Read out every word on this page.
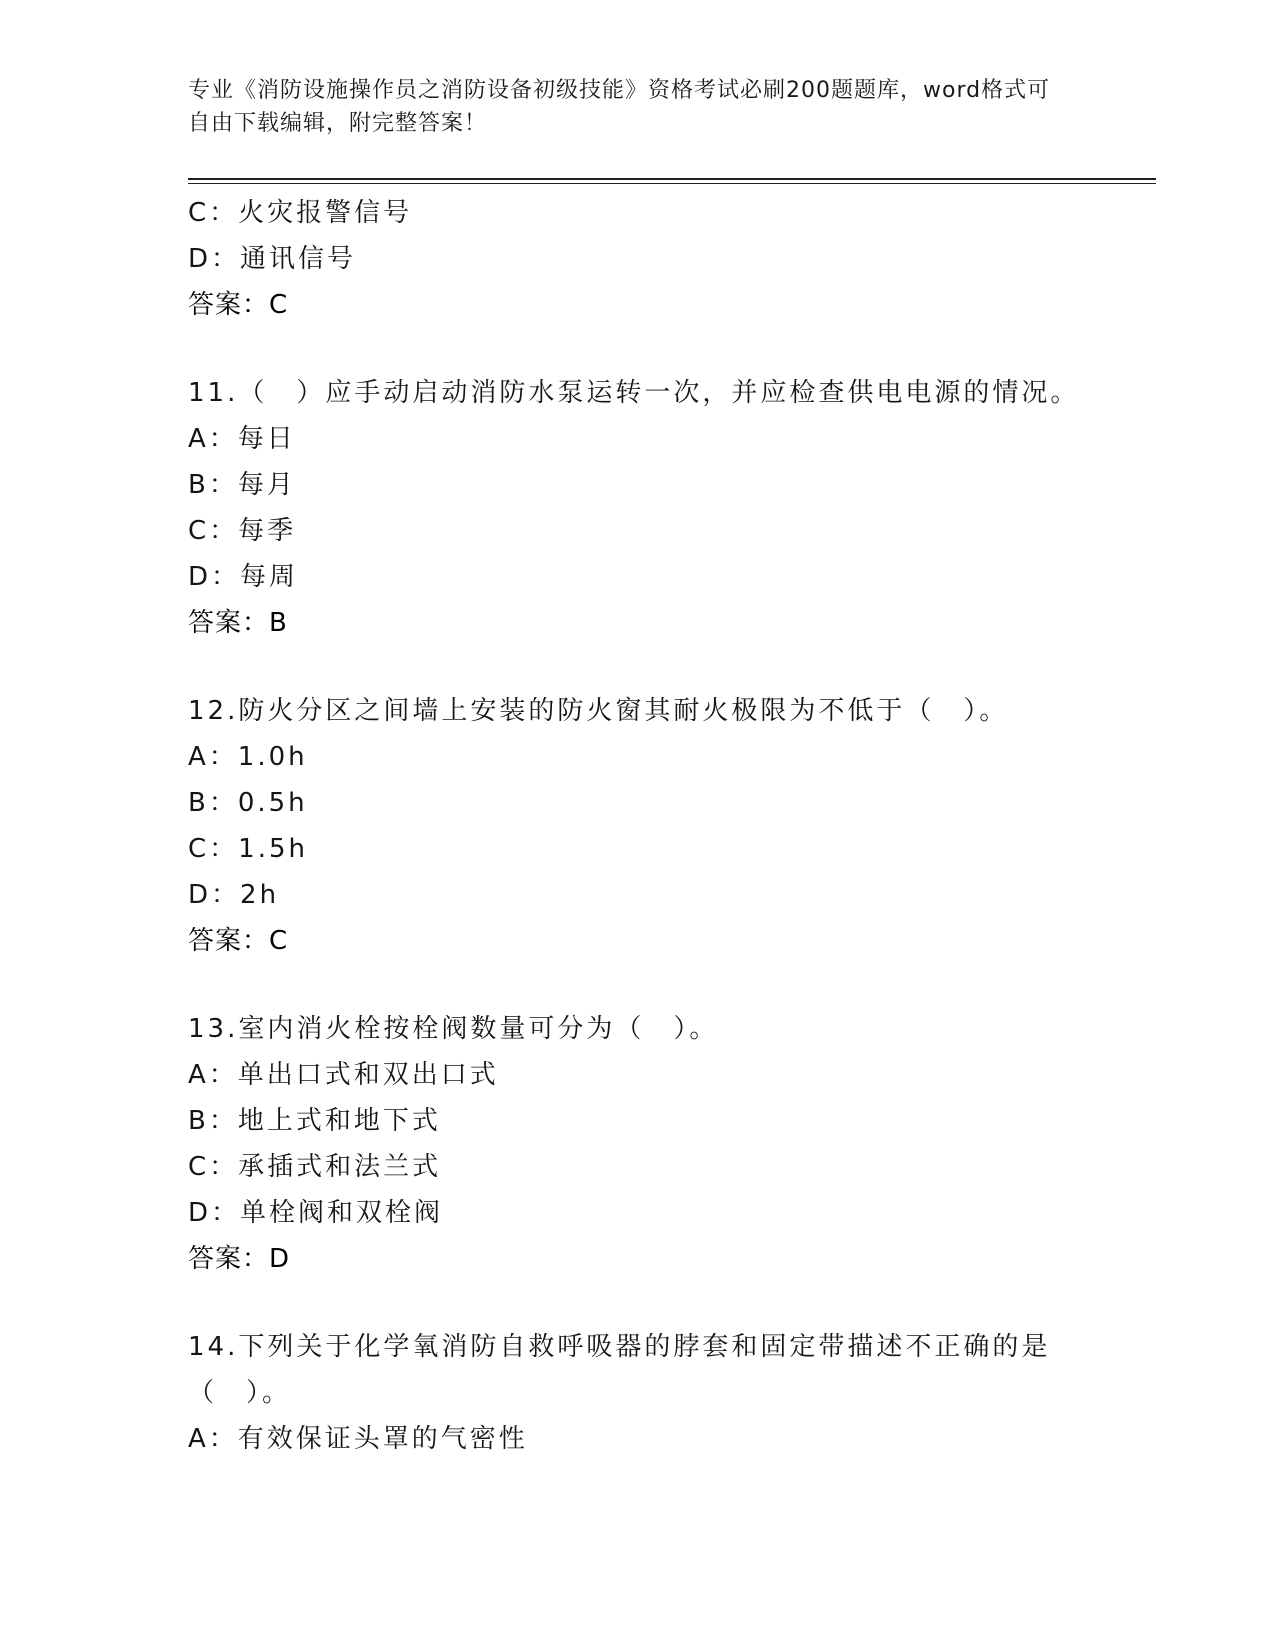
专业《消防设施操作员之消防设备初级技能》资格考试必刷200题题库，word格式可自由下载编辑，附完整答案！
C：火灾报警信号
D：通讯信号
答案：C
11.（　）应手动启动消防水泵运转一次，并应检查供电电源的情况。
A：每日
B：每月
C：每季
D：每周
答案：B
12.防火分区之间墙上安装的防火窗其耐火极限为不低于（　）。
A：1.0h
B：0.5h
C：1.5h
D：2h
答案：C
13.室内消火栓按栓阀数量可分为（　）。
A：单出口式和双出口式
B：地上式和地下式
C：承插式和法兰式
D：单栓阀和双栓阀
答案：D
14.下列关于化学氧消防自救呼吸器的脖套和固定带描述不正确的是（　）。
A：有效保证头罩的气密性
